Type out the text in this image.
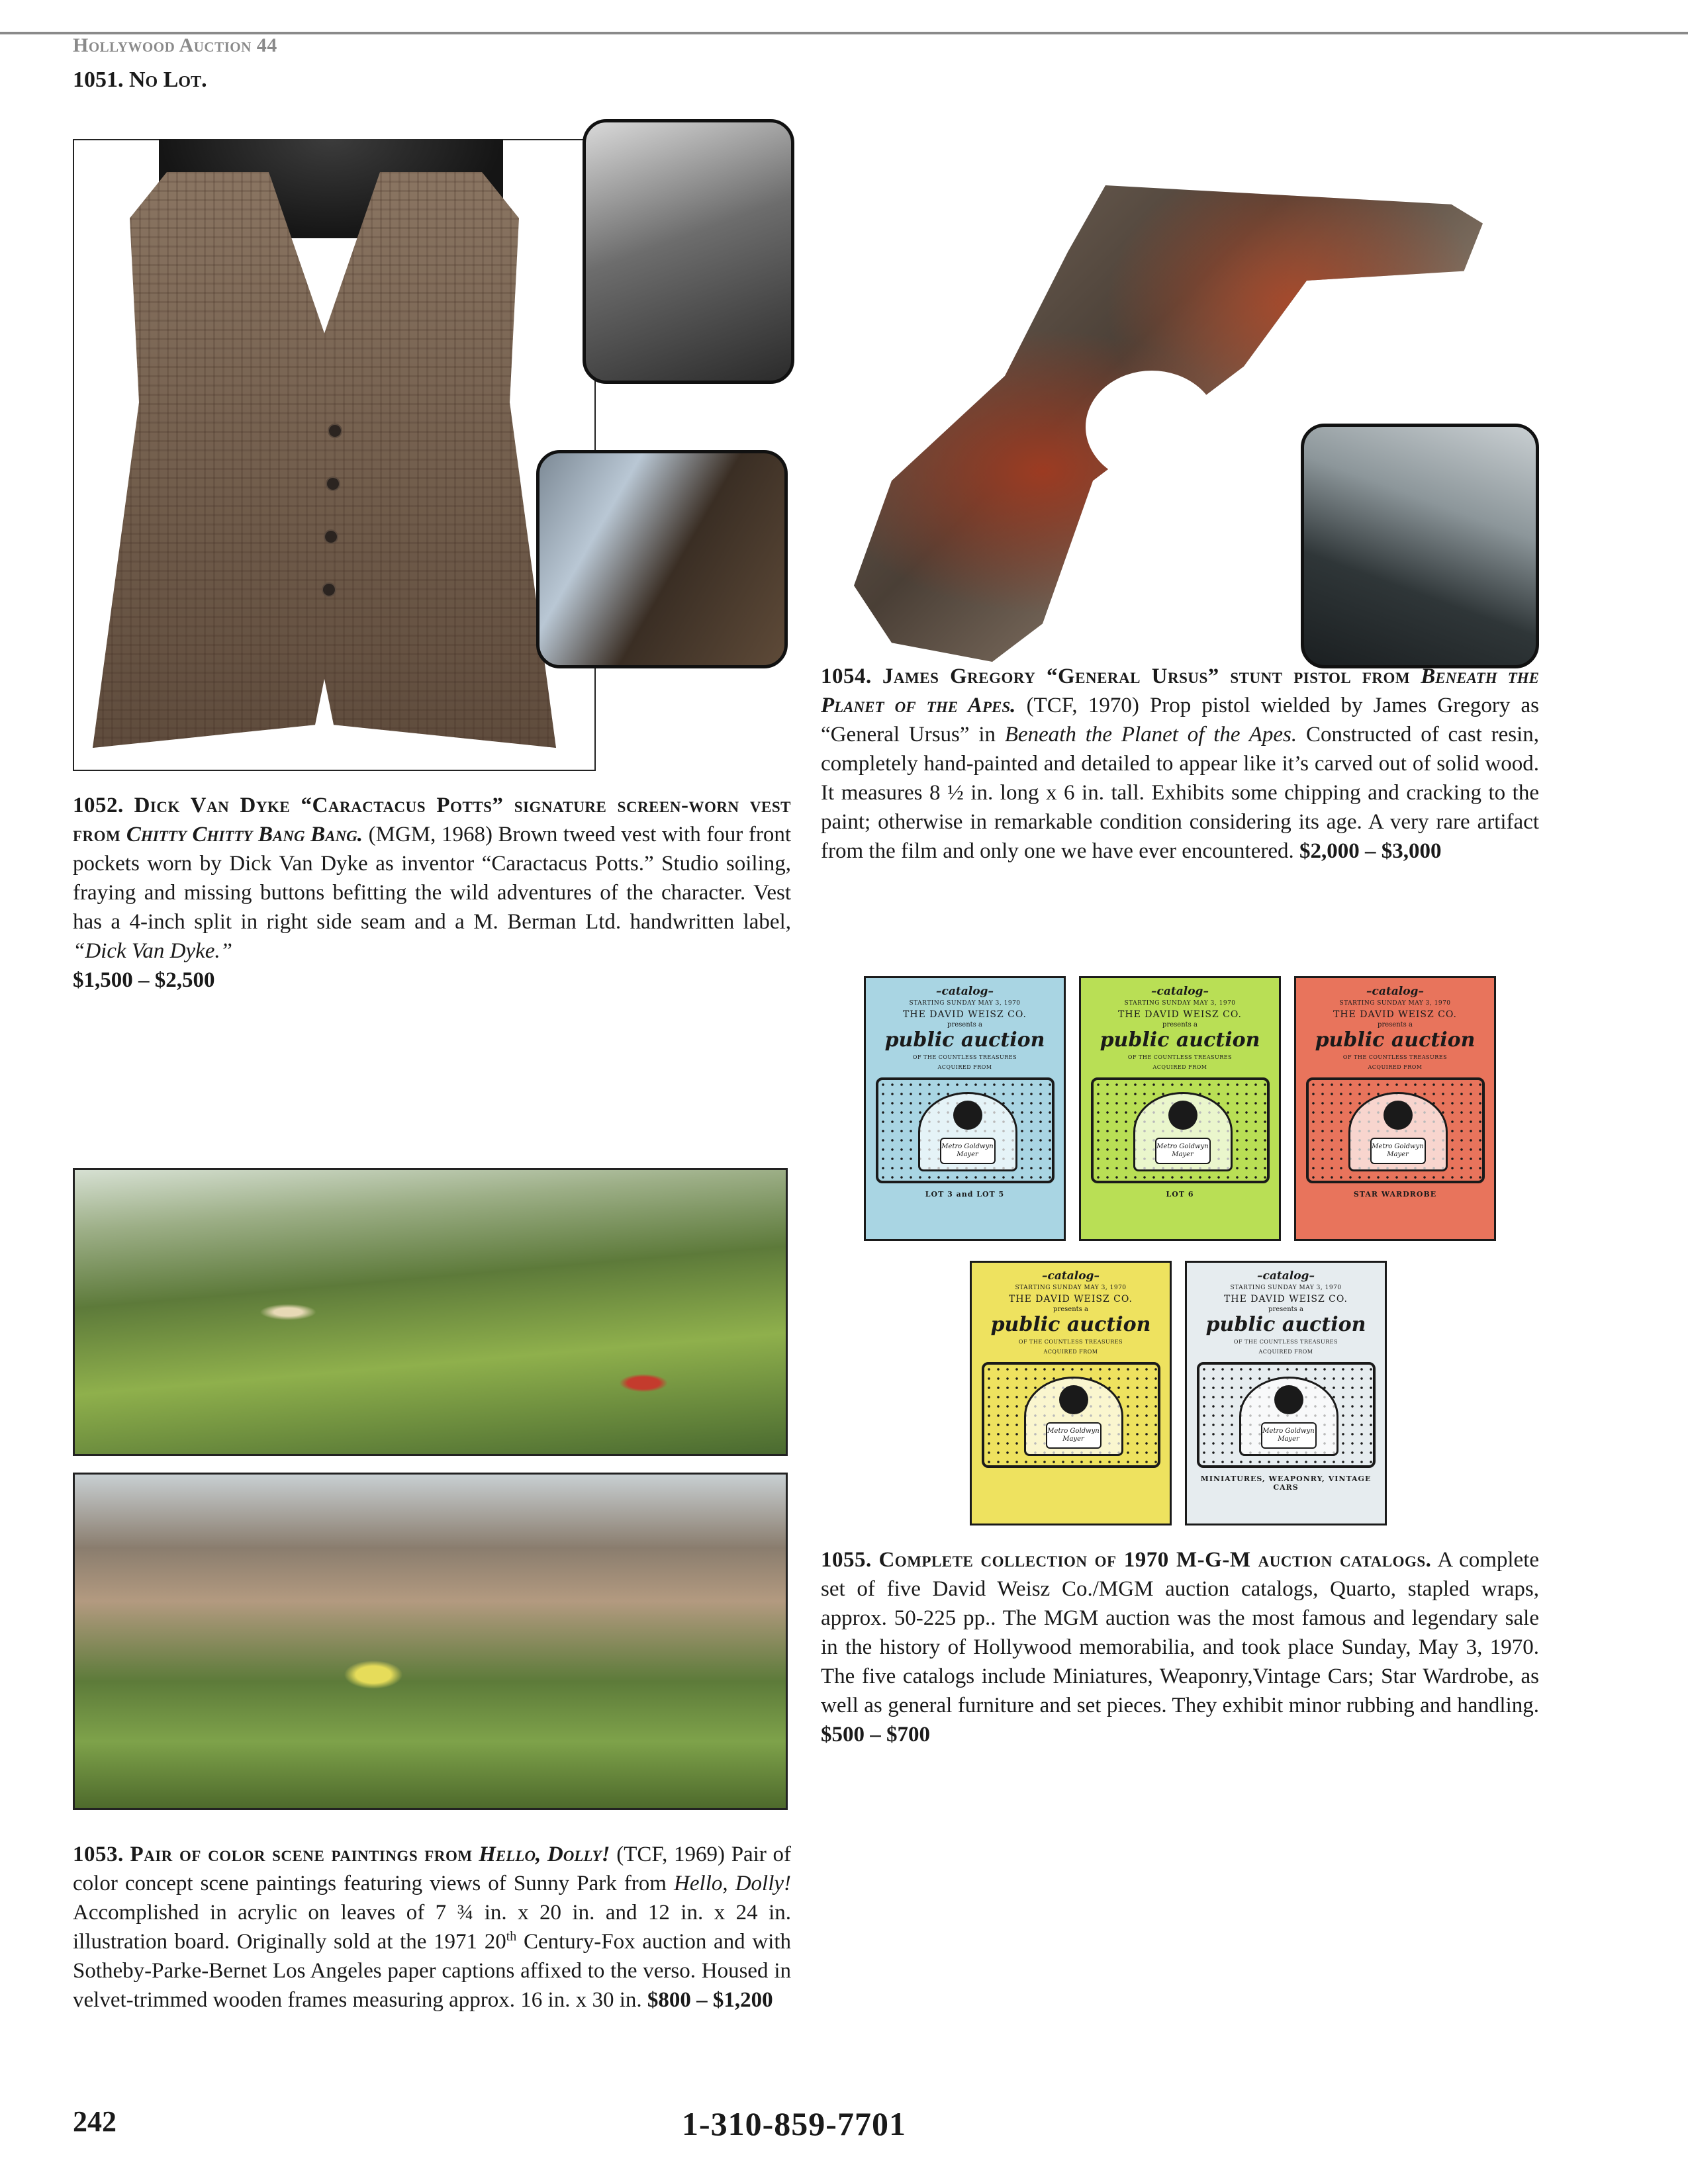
Hollywood Auction 44
1051. No Lot.
1052. Dick Van Dyke “Caractacus Potts” signature screen-worn vest from Chitty Chitty Bang Bang. (MGM, 1968) Brown tweed vest with four front pockets worn by Dick Van Dyke as inventor “Caractacus Potts.” Studio soiling, fraying and missing buttons befitting the wild adventures of the character. Vest has a 4-inch split in right side seam and a M. Berman Ltd. handwritten label, “Dick Van Dyke.”
$1,500 – $2,500
1054. James Gregory “General Ursus” stunt pistol from Beneath the Planet of the Apes. (TCF, 1970) Prop pistol wielded by James Gregory as “General Ursus” in Beneath the Planet of the Apes. Constructed of cast resin, completely hand-painted and detailed to appear like it’s carved out of solid wood. It measures 8 ½ in. long x 6 in. tall. Exhibits some chipping and cracking to the paint; otherwise in remarkable condition considering its age. A very rare artifact from the film and only one we have ever encountered. $2,000 – $3,000
–catalog–
STARTING SUNDAY MAY 3, 1970
THE DAVID WEISZ CO.
presents a
public auction
OF THE COUNTLESS TREASURES
ACQUIRED FROM
Metro Goldwyn Mayer
LOT 3 and LOT 5
–catalog–
STARTING SUNDAY MAY 3, 1970
THE DAVID WEISZ CO.
presents a
public auction
OF THE COUNTLESS TREASURES
ACQUIRED FROM
Metro Goldwyn Mayer
LOT 6
–catalog–
STARTING SUNDAY MAY 3, 1970
THE DAVID WEISZ CO.
presents a
public auction
OF THE COUNTLESS TREASURES
ACQUIRED FROM
Metro Goldwyn Mayer
STAR WARDROBE
–catalog–
STARTING SUNDAY MAY 3, 1970
THE DAVID WEISZ CO.
presents a
public auction
OF THE COUNTLESS TREASURES
ACQUIRED FROM
Metro Goldwyn Mayer
–catalog–
STARTING SUNDAY MAY 3, 1970
THE DAVID WEISZ CO.
presents a
public auction
OF THE COUNTLESS TREASURES
ACQUIRED FROM
Metro Goldwyn Mayer
MINIATURES, WEAPONRY, VINTAGE CARS
1055. Complete collection of 1970 M-G-M auction catalogs. A complete set of five David Weisz Co./MGM auction catalogs, Quarto, stapled wraps, approx. 50-225 pp.. The MGM auction was the most famous and legendary sale in the history of Hollywood memorabilia, and took place Sunday, May 3, 1970. The five catalogs include Miniatures, Weaponry,Vintage Cars; Star Wardrobe, as well as general furniture and set pieces. They exhibit minor rubbing and handling. $500 – $700
1053. Pair of color scene paintings from Hello, Dolly! (TCF, 1969) Pair of color concept scene paintings featuring views of Sunny Park from Hello, Dolly! Accomplished in acrylic on leaves of 7 ¾ in. x 20 in. and 12 in. x 24 in. illustration board. Originally sold at the 1971 20th Century-Fox auction and with Sotheby-Parke-Bernet Los Angeles paper captions affixed to the verso. Housed in velvet-trimmed wooden frames measuring approx. 16 in. x 30 in. $800 – $1,200
242	1-310-859-7701
